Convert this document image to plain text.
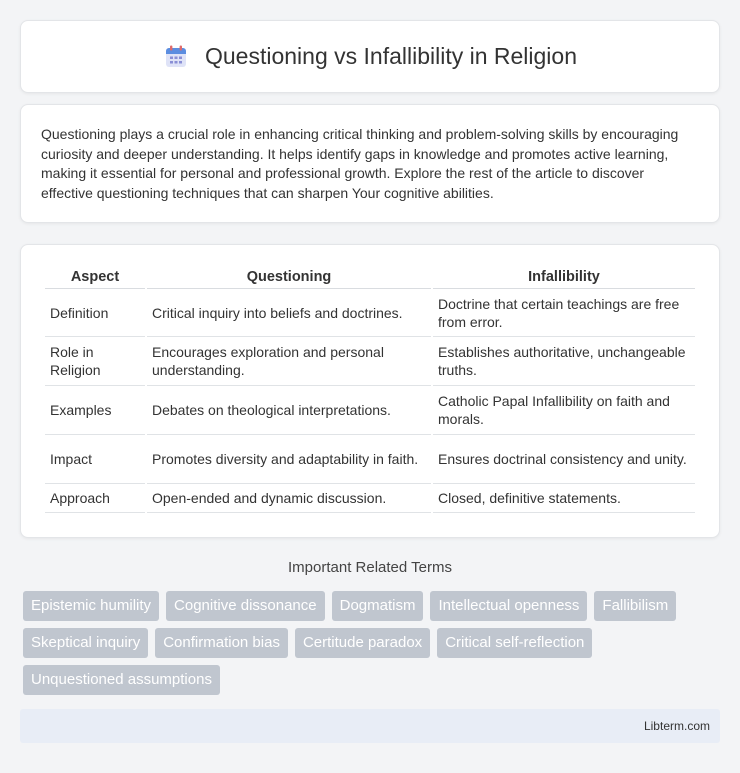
Questioning vs Infallibility in Religion

Questioning plays a crucial role in enhancing critical thinking and problem-solving skills by encouraging curiosity and deeper understanding. It helps identify gaps in knowledge and promotes active learning, making it essential for personal and professional growth. Explore the rest of the article to discover effective questioning techniques that can sharpen Your cognitive abilities.

Aspect	Questioning	Infallibility
Definition	Critical inquiry into beliefs and doctrines.	Doctrine that certain teachings are free from error.
Role in Religion	Encourages exploration and personal understanding.	Establishes authoritative, unchangeable truths.
Examples	Debates on theological interpretations.	Catholic Papal Infallibility on faith and morals.
Impact	Promotes diversity and adaptability in faith.	Ensures doctrinal consistency and unity.
Approach	Open-ended and dynamic discussion.	Closed, definitive statements.
Important Related Terms
Epistemic humility	Cognitive dissonance	Dogmatism	Intellectual openness	Fallibilism
Skeptical inquiry	Confirmation bias	Certitude paradox	Critical self-reflection
Unquestioned assumptions
Libterm.com
